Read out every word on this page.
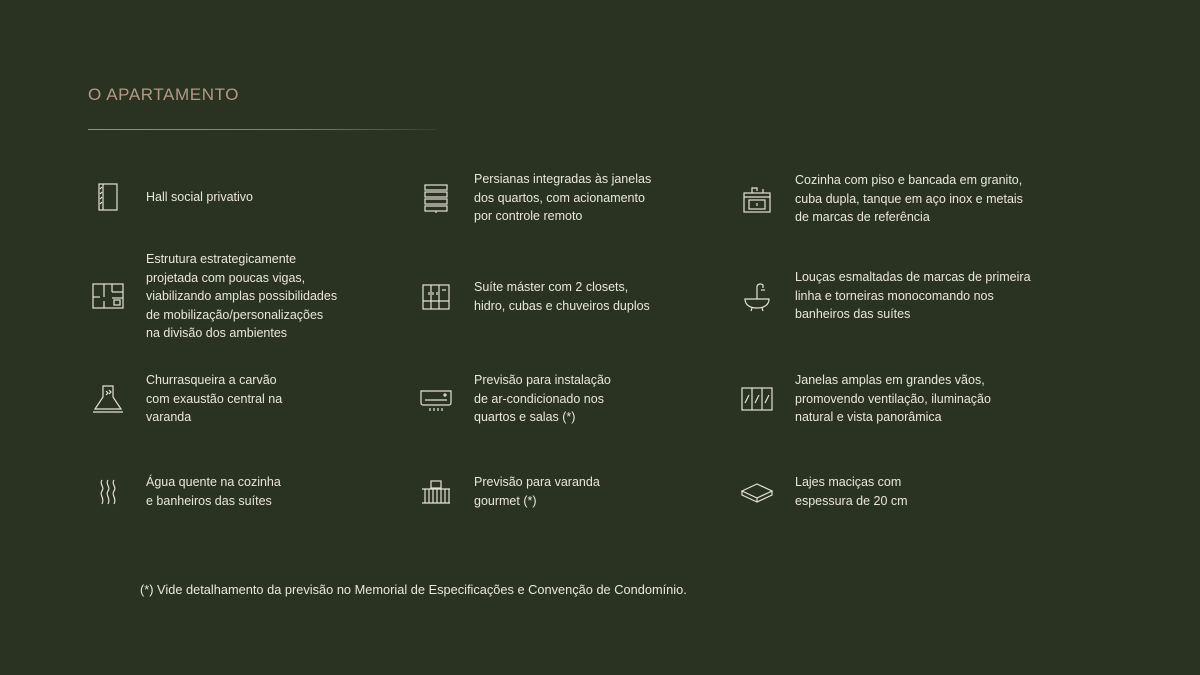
O APARTAMENTO
Hall social privativo
Persianas integradas às janelas
dos quartos, com acionamento
por controle remoto
Cozinha com piso e bancada em granito,
cuba dupla, tanque em aço inox e metais
de marcas de referência
Estrutura estrategicamente
projetada com poucas vigas,
viabilizando amplas possibilidades
de mobilização/personalizações
na divisão dos ambientes
Suíte máster com 2 closets,
hidro, cubas e chuveiros duplos
Louças esmaltadas de marcas de primeira
linha e torneiras monocomando nos
banheiros das suítes
Churrasqueira a carvão
com exaustão central na
varanda
Previsão para instalação
de ar-condicionado nos
quartos e salas (*)
Janelas amplas em grandes vãos,
promovendo ventilação, iluminação
natural e vista panorâmica
Água quente na cozinha
e banheiros das suítes
Previsão para varanda
gourmet (*)
Lajes maciças com
espessura de 20 cm
(*) Vide detalhamento da previsão no Memorial de Especificações e Convenção de Condomínio.
